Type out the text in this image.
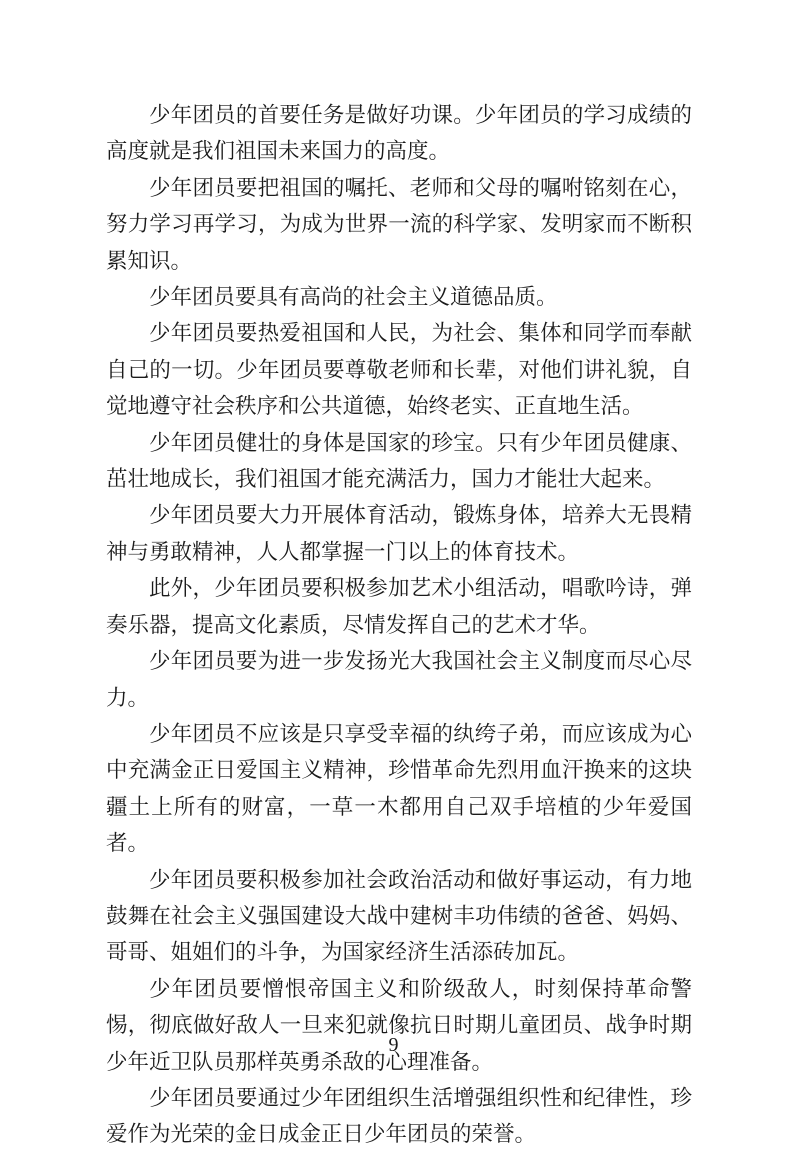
少年团员的首要任务是做好功课。少年团员的学习成绩的高度就是我们祖国未来国力的高度。

少年团员要把祖国的嘱托、老师和父母的嘱咐铭刻在心，努力学习再学习，为成为世界一流的科学家、发明家而不断积累知识。

少年团员要具有高尚的社会主义道德品质。

少年团员要热爱祖国和人民，为社会、集体和同学而奉献自己的一切。少年团员要尊敬老师和长辈，对他们讲礼貌，自觉地遵守社会秩序和公共道德，始终老实、正直地生活。

少年团员健壮的身体是国家的珍宝。只有少年团员健康、茁壮地成长，我们祖国才能充满活力，国力才能壮大起来。

少年团员要大力开展体育活动，锻炼身体，培养大无畏精神与勇敢精神，人人都掌握一门以上的体育技术。

此外，少年团员要积极参加艺术小组活动，唱歌吟诗，弹奏乐器，提高文化素质，尽情发挥自己的艺术才华。

少年团员要为进一步发扬光大我国社会主义制度而尽心尽力。

少年团员不应该是只享受幸福的纨绔子弟，而应该成为心中充满金正日爱国主义精神，珍惜革命先烈用血汗换来的这块疆土上所有的财富，一草一木都用自己双手培植的少年爱国者。

少年团员要积极参加社会政治活动和做好事运动，有力地鼓舞在社会主义强国建设大战中建树丰功伟绩的爸爸、妈妈、哥哥、姐姐们的斗争，为国家经济生活添砖加瓦。

少年团员要憎恨帝国主义和阶级敌人，时刻保持革命警惕，彻底做好敌人一旦来犯就像抗日时期儿童团员、战争时期少年近卫队员那样英勇杀敌的心理准备。

少年团员要通过少年团组织生活增强组织性和纪律性，珍爱作为光荣的金日成金正日少年团员的荣誉。

9
